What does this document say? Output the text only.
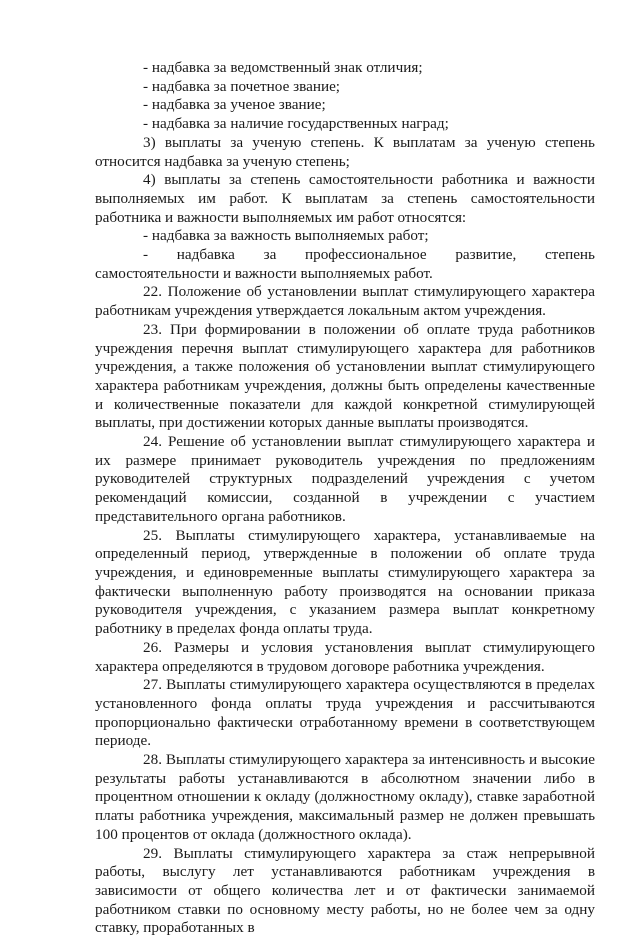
- надбавка за ведомственный знак отличия;

- надбавка за почетное звание;

- надбавка за ученое звание;

- надбавка за наличие государственных наград;

3) выплаты за ученую степень. К выплатам за ученую степень относится надбавка за ученую степень;

4) выплаты за степень самостоятельности работника и важности выполняемых им работ. К выплатам за степень самостоятельности работника и важности выполняемых им работ относятся:

- надбавка за важность выполняемых работ;

- надбавка за профессиональное развитие, степень самостоятельности и важности выполняемых работ.

22. Положение об установлении выплат стимулирующего характера работникам учреждения утверждается локальным актом учреждения.

23. При формировании в положении об оплате труда работников учреждения перечня выплат стимулирующего характера для работников учреждения, а также положения об установлении выплат стимулирующего характера работникам учреждения, должны быть определены качественные и количественные показатели для каждой конкретной стимулирующей выплаты, при достижении которых данные выплаты производятся.

24. Решение об установлении выплат стимулирующего характера и их размере принимает руководитель учреждения по предложениям руководителей структурных подразделений учреждения с учетом рекомендаций комиссии, созданной в учреждении с участием представительного органа работников.

25. Выплаты стимулирующего характера, устанавливаемые на определенный период, утвержденные в положении об оплате труда учреждения, и единовременные выплаты стимулирующего характера за фактически выполненную работу производятся на основании приказа руководителя учреждения, с указанием размера выплат конкретному работнику в пределах фонда оплаты труда.

26. Размеры и условия установления выплат стимулирующего характера определяются в трудовом договоре работника учреждения.

27. Выплаты стимулирующего характера осуществляются в пределах установленного фонда оплаты труда учреждения и рассчитываются пропорционально фактически отработанному времени в соответствующем периоде.

28. Выплаты стимулирующего характера за интенсивность и высокие результаты работы устанавливаются в абсолютном значении либо в процентном отношении к окладу (должностному окладу), ставке заработной платы работника учреждения, максимальный размер не должен превышать 100 процентов от оклада (должностного оклада).

29. Выплаты стимулирующего характера за стаж непрерывной работы, выслугу лет устанавливаются работникам учреждения в зависимости от общего количества лет и от фактически занимаемой работником ставки по основному месту работы, но не более чем за одну ставку, проработанных в
